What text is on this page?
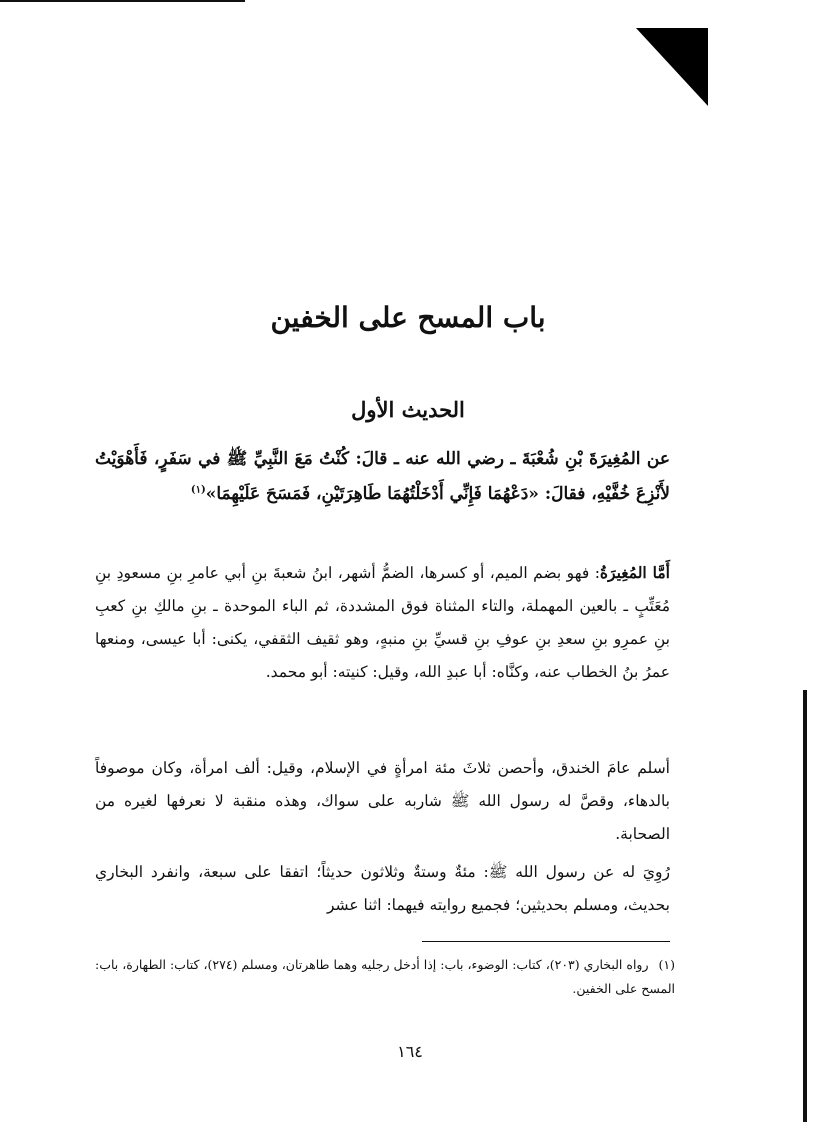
باب المسح على الخفين
الحديث الأول
عن المُغِيرَةَ بْنِ شُعْبَةَ ـ رضي الله عنه ـ قالَ: كُنْتُ مَعَ النَّبِيِّ ﷺ في سَفَرٍ، فَأَهْوَيْتُ لأَنْزِعَ خُفَّيْهِ، فقالَ: «دَعْهُمَا فَإِنِّي أَدْخَلْتُهُمَا طَاهِرَتَيْنِ، فَمَسَحَ عَلَيْهِمَا»$^{(١)}$
أَمَّا المُغِيرَةُ: فهو بضم الميم، أو كسرها، الضمُّ أشهر، ابنُ شعبةَ بنِ أبي عامرِ بنِ مسعودِ بنِ مُعَتِّبٍ ـ بالعين المهملة، والتاء المثناة فوق المشددة، ثم الباء الموحدة ـ بنِ مالكِ بنِ كعبِ بنِ عمرِو بنِ سعدِ بنِ عوفِ بنِ قسيِّ بنِ منبهٍ، وهو ثقيف الثقفي، يكنى: أبا عيسى، ومنعها عمرُ بنُ الخطاب عنه، وكنَّاه: أبا عبدِ الله، وقيل: كنيته: أبو محمد.
أسلم عامَ الخندق، وأحصن ثلاثَ مئة امرأةٍ في الإسلام، وقيل: ألف امرأة، وكان موصوفاً بالدهاء، وقصَّ له رسول الله ﷺ شاربه على سواك، وهذه منقبة لا نعرفها لغيره من الصحابة.
رُوِيَ له عن رسول الله ﷺ: مئةٌ وستةٌ وثلاثون حديثاً؛ اتفقا على سبعة، وانفرد البخاري بحديث، ومسلم بحديثين؛ فجميع روايته فيهما: اثنا عشر
(١)رواه البخاري (٢٠٣)، كتاب: الوضوء، باب: إذا أدخل رجليه وهما طاهرتان، ومسلم (٢٧٤)، كتاب: الطهارة، باب: المسح على الخفين.
١٦٤
